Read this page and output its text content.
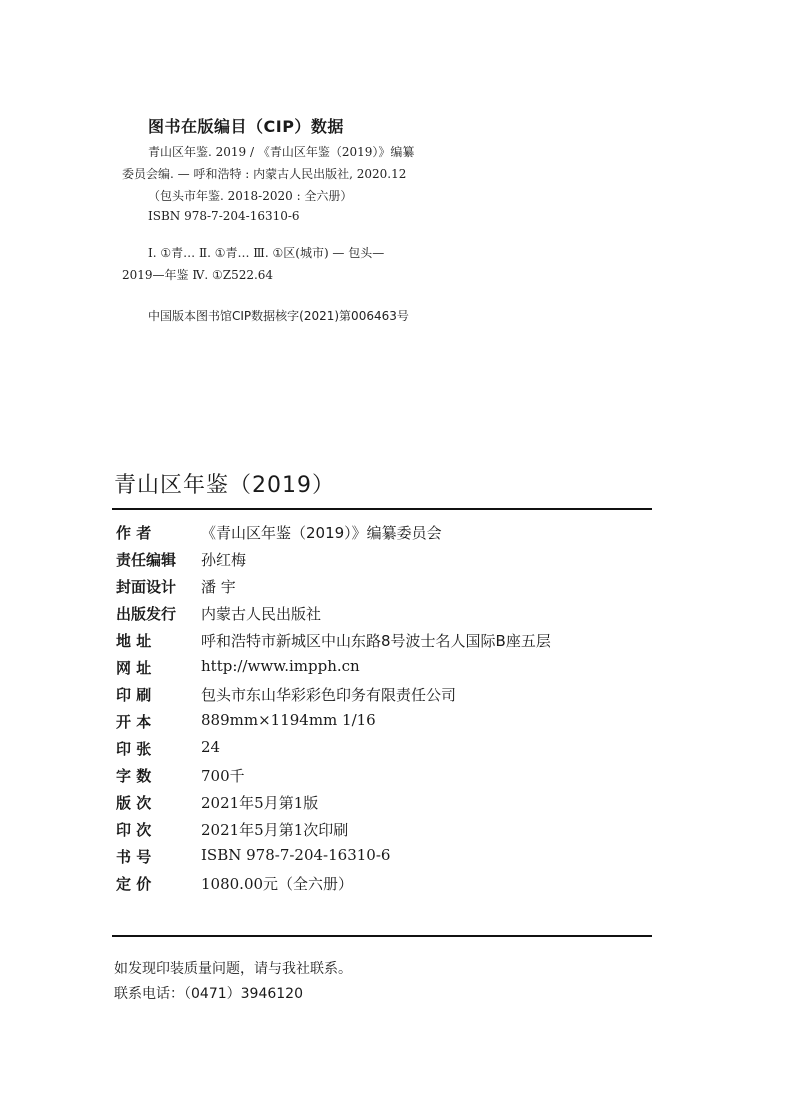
图书在版编目（CIP）数据
青山区年鉴. 2019 / 《青山区年鉴（2019）》编纂
委员会编. — 呼和浩特 : 内蒙古人民出版社, 2020.12
（包头市年鉴. 2018-2020 : 全六册）
ISBN 978-7-204-16310-6
Ⅰ. ①青… Ⅱ. ①青… Ⅲ. ①区(城市) — 包头—
2019—年鉴 Ⅳ. ①Z522.64
中国版本图书馆CIP数据核字(2021)第006463号
青山区年鉴（2019）
作 者	《青山区年鉴（2019）》编纂委员会
责任编辑	孙红梅
封面设计	潘 宇
出版发行	内蒙古人民出版社
地 址	呼和浩特市新城区中山东路8号波士名人国际B座五层
网 址	http://www.impph.cn
印 刷	包头市东山华彩彩色印务有限责任公司
开 本	889mm×1194mm 1/16
印 张	24
字 数	700千
版 次	2021年5月第1版
印 次	2021年5月第1次印刷
书 号	ISBN 978-7-204-16310-6
定 价	1080.00元（全六册）
如发现印装质量问题，请与我社联系。
联系电话：（0471）3946120
